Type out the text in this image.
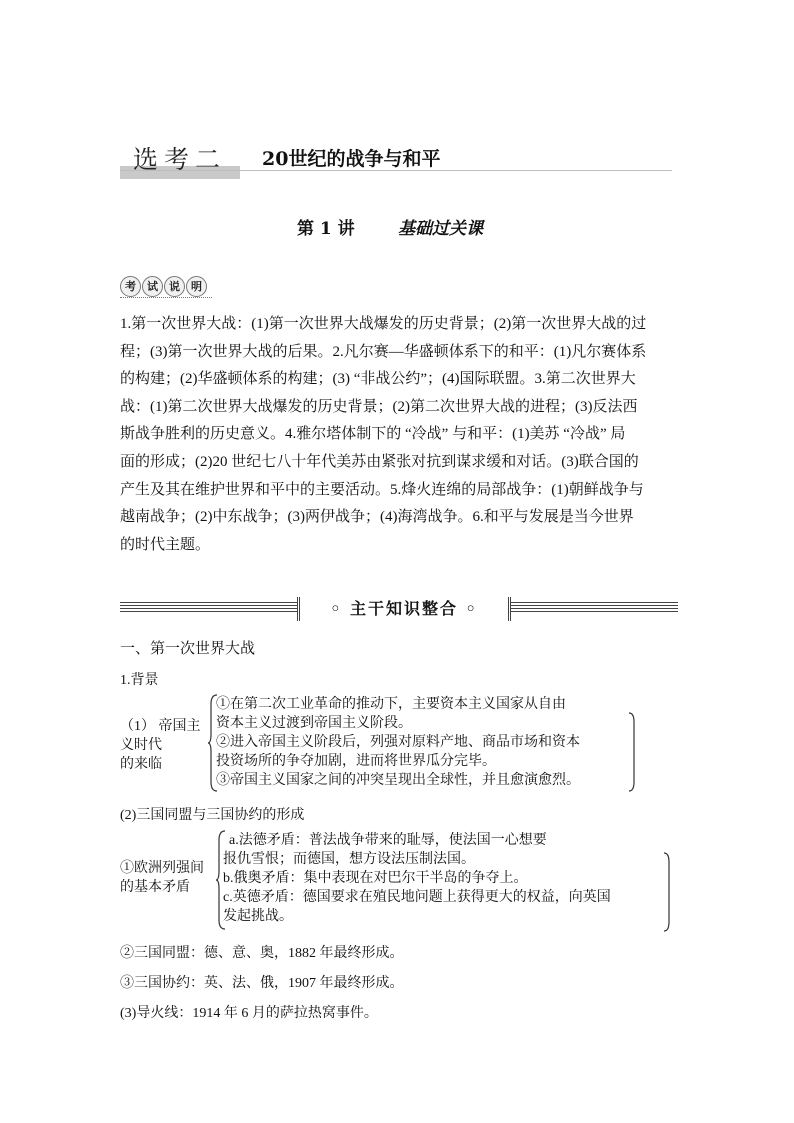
选考二 20世纪的战争与和平
第 1 讲	基础过关课
考	试	说	明
1.第一次世界大战：(1)第一次世界大战爆发的历史背景；(2)第一次世界大战的过
程；(3)第一次世界大战的后果。2.凡尔赛—华盛顿体系下的和平：(1)凡尔赛体系
的构建；(2)华盛顿体系的构建；(3) “非战公约”；(4)国际联盟。3.第二次世界大
战：(1)第二次世界大战爆发的历史背景；(2)第二次世界大战的进程；(3)反法西
斯战争胜利的历史意义。4.雅尔塔体制下的 “冷战” 与和平：(1)美苏 “冷战” 局
面的形成；(2)20 世纪七八十年代美苏由紧张对抗到谋求缓和对话。(3)联合国的
产生及其在维护世界和平中的主要活动。5.烽火连绵的局部战争：(1)朝鲜战争与
越南战争；(2)中东战争；(3)两伊战争；(4)海湾战争。6.和平与发展是当今世界
的时代主题。
◦ 主干知识整合 ◦
一、第一次世界大战
1.背景
（1） 帝国主
义时代
的来临
①在第二次工业革命的推动下，主要资本主义国家从自由
资本主义过渡到帝国主义阶段。
②进入帝国主义阶段后，列强对原料产地、商品市场和资本
投资场所的争夺加剧，进而将世界瓜分完毕。
③帝国主义国家之间的冲突呈现出全球性，并且愈演愈烈。
(2)三国同盟与三国协约的形成
①欧洲列强间
的基本矛盾
a.法德矛盾：普法战争带来的耻辱，使法国一心想要
报仇雪恨；而德国，想方设法压制法国。
b.俄奥矛盾：集中表现在对巴尔干半岛的争夺上。
c.英德矛盾：德国要求在殖民地问题上获得更大的权益，向英国
发起挑战。
②三国同盟：德、意、奥，1882 年最终形成。
③三国协约：英、法、俄，1907 年最终形成。
(3)导火线：1914 年 6 月的萨拉热窝事件。
